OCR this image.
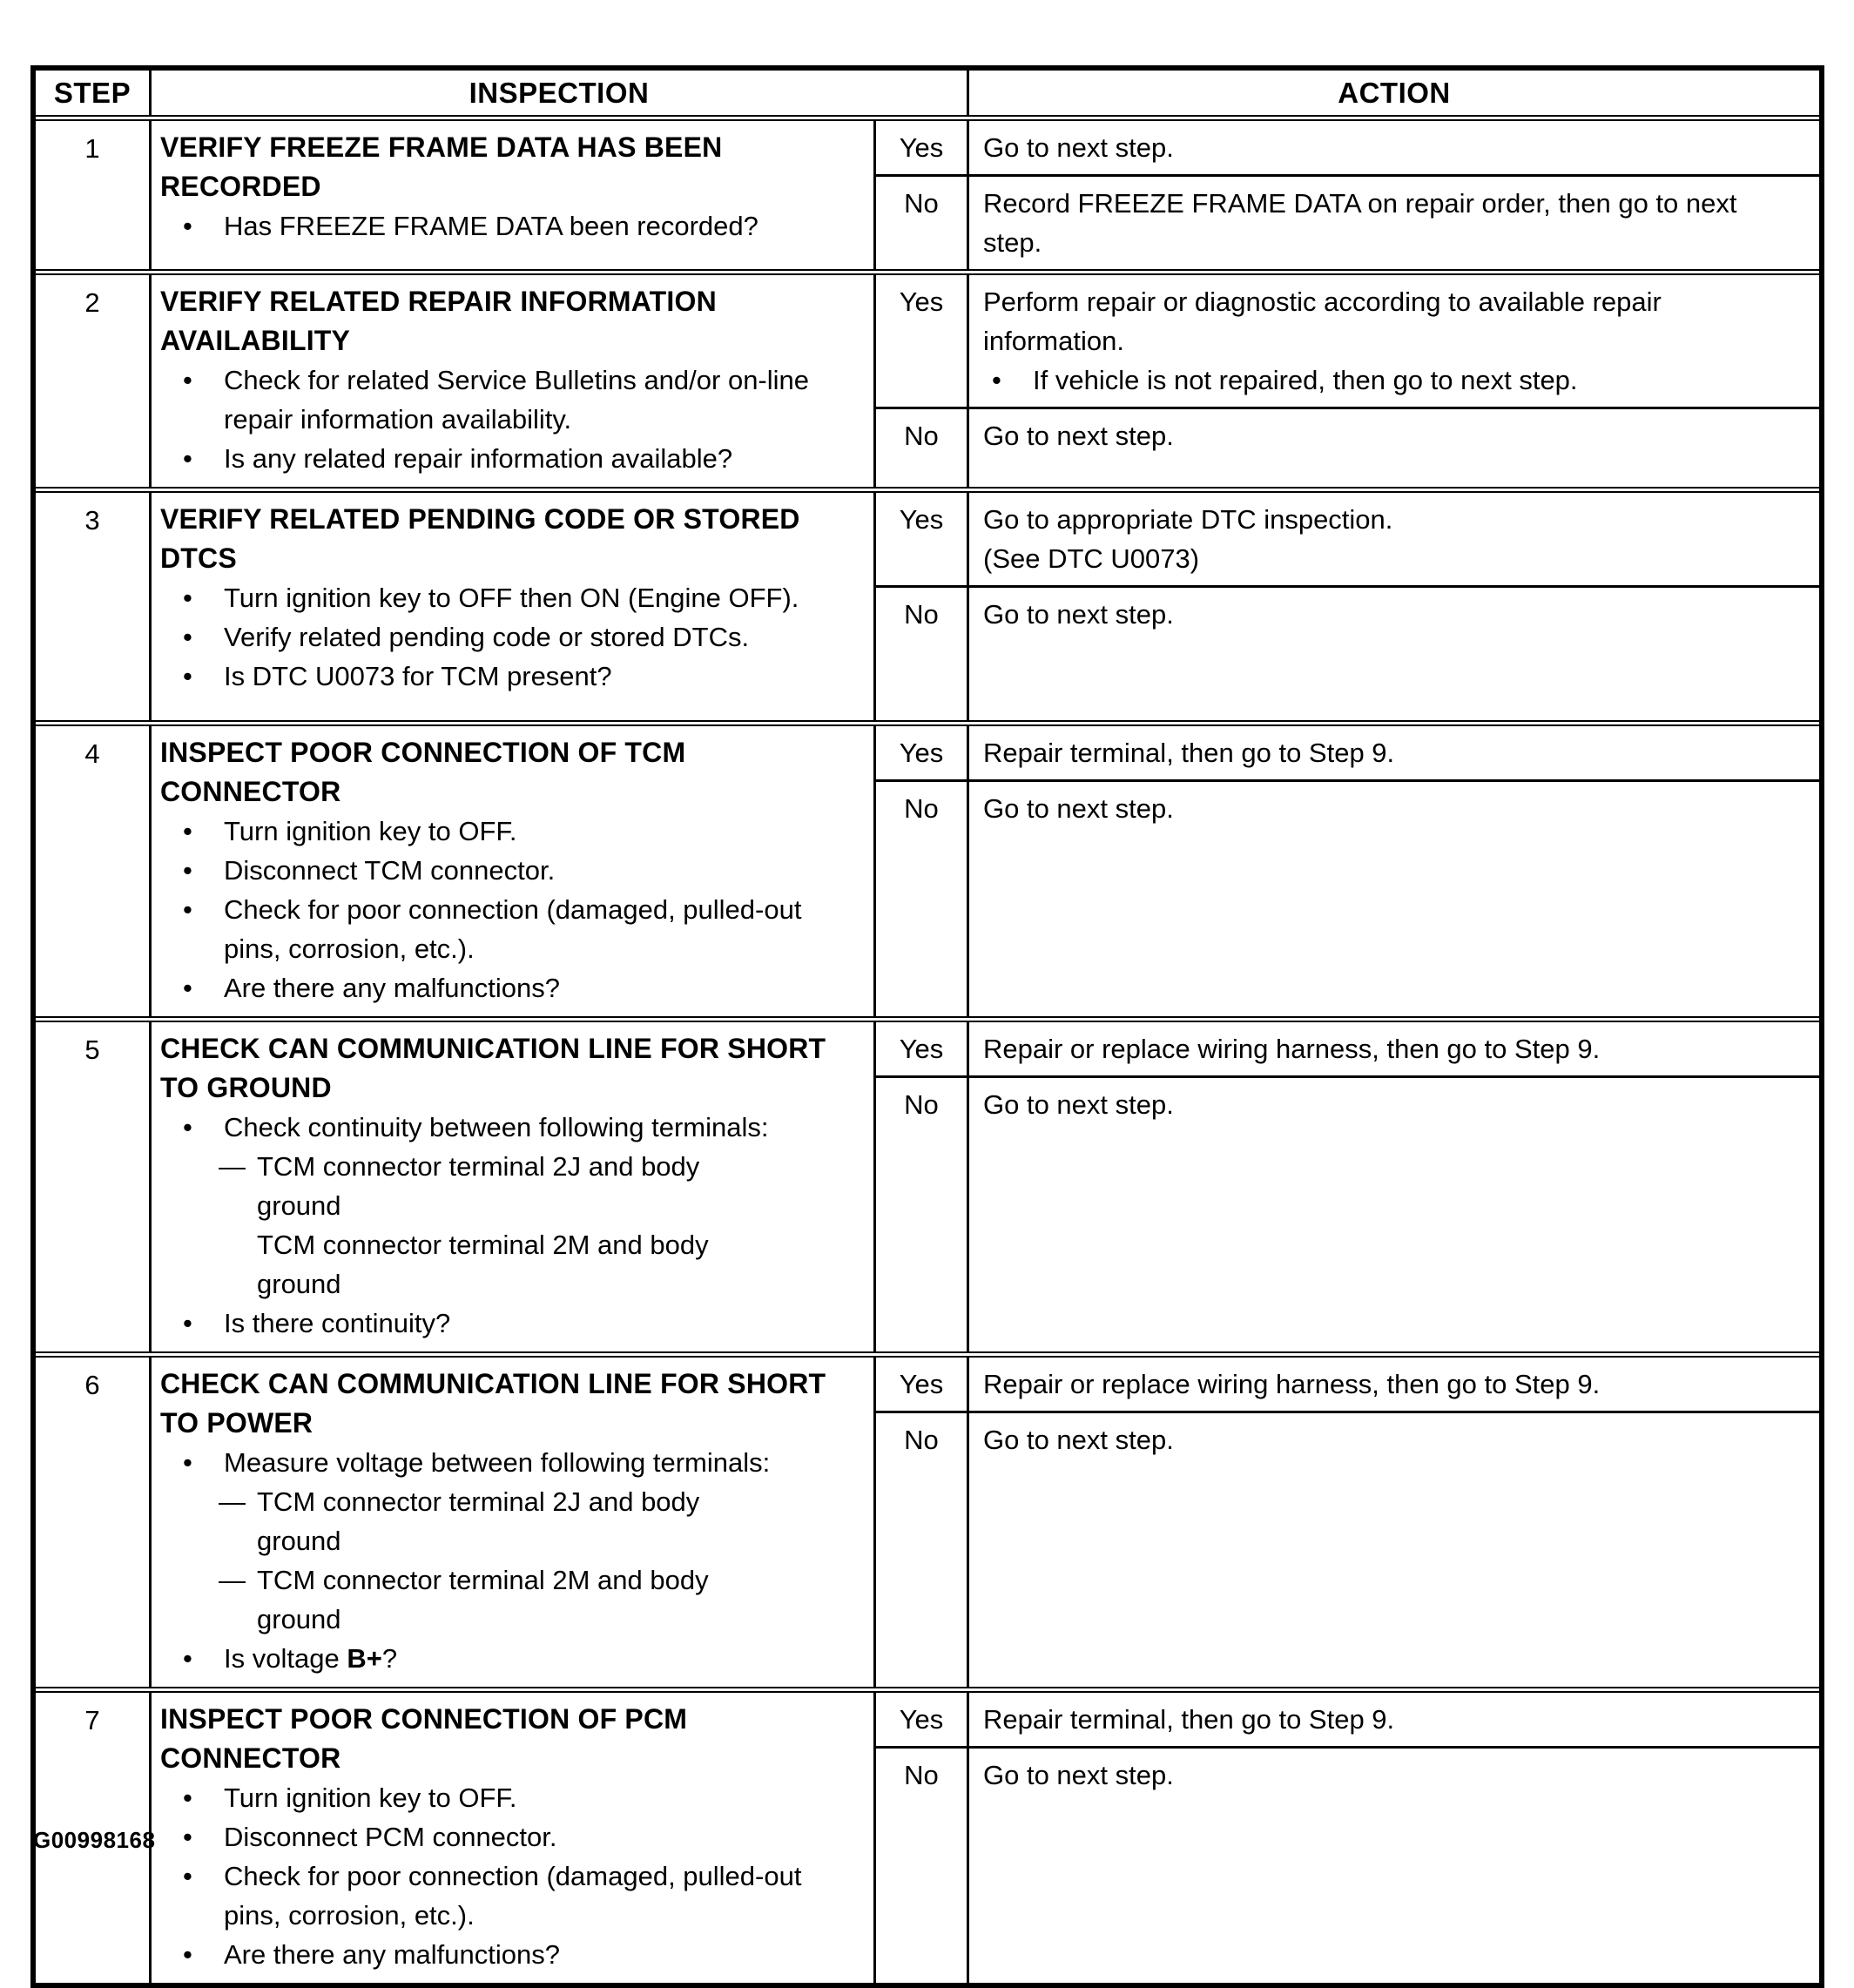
STEP	INSPECTION	ACTION
1	VERIFY FREEZE FRAME DATA HAS BEEN RECORDED
•	Has FREEZE FRAME DATA been recorded?
Yes	Go to next step.
No	Record FREEZE FRAME DATA on repair order, then go to next step.
2	VERIFY RELATED REPAIR INFORMATION AVAILABILITY
•	Check for related Service Bulletins and/or on-line repair information availability.
•	Is any related repair information available?
Yes	Perform repair or diagnostic according to available repair information.
•	If vehicle is not repaired, then go to next step.
No	Go to next step.
3	VERIFY RELATED PENDING CODE OR STORED DTCS
•	Turn ignition key to OFF then ON (Engine OFF).
•	Verify related pending code or stored DTCs.
•	Is DTC U0073 for TCM present?
Yes	Go to appropriate DTC inspection.
(See DTC U0073)
No	Go to next step.
4	INSPECT POOR CONNECTION OF TCM CONNECTOR
•	Turn ignition key to OFF.
•	Disconnect TCM connector.
•	Check for poor connection (damaged, pulled-out pins, corrosion, etc.).
•	Are there any malfunctions?
Yes	Repair terminal, then go to Step 9.
No	Go to next step.
5	CHECK CAN COMMUNICATION LINE FOR SHORT TO GROUND
•	Check continuity between following terminals:
— TCM connector terminal 2J and body ground
TCM connector terminal 2M and body ground
•	Is there continuity?
Yes	Repair or replace wiring harness, then go to Step 9.
No	Go to next step.
6	CHECK CAN COMMUNICATION LINE FOR SHORT TO POWER
•	Measure voltage between following terminals:
— TCM connector terminal 2J and body ground
— TCM connector terminal 2M and body ground
•	Is voltage B+?
Yes	Repair or replace wiring harness, then go to Step 9.
No	Go to next step.
7	INSPECT POOR CONNECTION OF PCM CONNECTOR
•	Turn ignition key to OFF.
•	Disconnect PCM connector.
•	Check for poor connection (damaged, pulled-out pins, corrosion, etc.).
•	Are there any malfunctions?
Yes	Repair terminal, then go to Step 9.
No	Go to next step.
G00998168
